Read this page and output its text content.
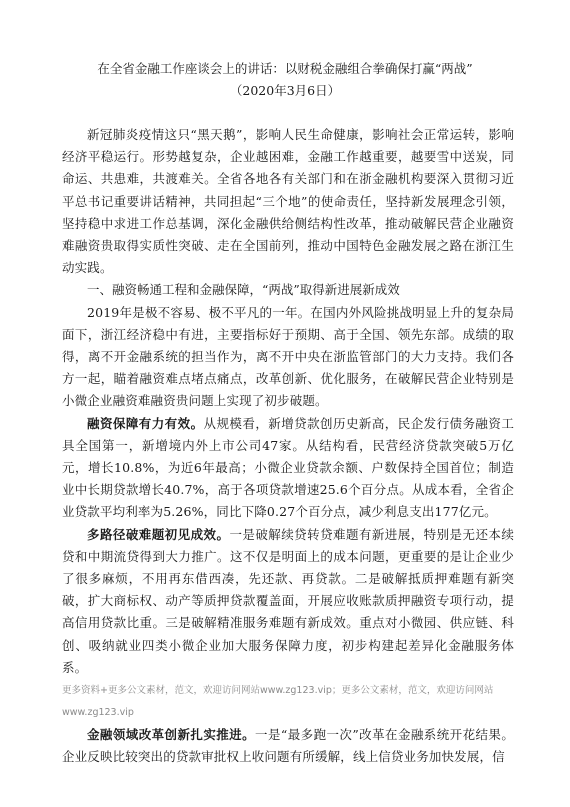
在全省金融工作座谈会上的讲话：以财税金融组合拳确保打赢“两战”
（2020年3月6日）

新冠肺炎疫情这只“黑天鹅”，影响人民生命健康，影响社会正常运转，影响经济平稳运行。形势越复杂，企业越困难，金融工作越重要，越要雪中送炭，同命运、共患难，共渡难关。全省各地各有关部门和在浙金融机构要深入贯彻习近平总书记重要讲话精神，共同担起“三个地”的使命责任，坚持新发展理念引领，坚持稳中求进工作总基调，深化金融供给侧结构性改革，推动破解民营企业融资难融资贵取得实质性突破、走在全国前列，推动中国特色金融发展之路在浙江生动实践。

一、融资畅通工程和金融保障，“两战”取得新进展新成效

2019年是极不容易、极不平凡的一年。在国内外风险挑战明显上升的复杂局面下，浙江经济稳中有进，主要指标好于预期、高于全国、领先东部。成绩的取得，离不开金融系统的担当作为，离不开中央在浙监管部门的大力支持。我们各方一起，瞄着融资难点堵点痛点，改革创新、优化服务，在破解民营企业特别是小微企业融资难融资贵问题上实现了初步破题。

融资保障有力有效。从规模看，新增贷款创历史新高，民企发行债务融资工具全国第一，新增境内外上市公司47家。从结构看，民营经济贷款突破5万亿元，增长10.8%，为近6年最高；小微企业贷款余额、户数保持全国首位；制造业中长期贷款增长40.7%，高于各项贷款增速25.6个百分点。从成本看，全省企业贷款平均利率为5.26%，同比下降0.27个百分点，减少利息支出177亿元。

多路径破难题初见成效。一是破解续贷转贷难题有新进展，特别是无还本续贷和中期流贷得到大力推广。这不仅是明面上的成本问题，更重要的是让企业少了很多麻烦，不用再东借西凑，先还款、再贷款。二是破解抵质押难题有新突破，扩大商标权、动产等质押贷款覆盖面，开展应收账款质押融资专项行动，提高信用贷款比重。三是破解精准服务难题有新成效。重点对小微园、供应链、科创、吸纳就业四类小微企业加大服务保障力度，初步构建起差异化金融服务体系。

更多资料+更多公文素材，范文，欢迎访问网站www.zg123.vip；更多公文素材，范文，欢迎访问网站
www.zg123.vip

金融领域改革创新扎实推进。一是“最多跑一次”改革在金融系统开花结果。企业反映比较突出的贷款审批权上收问题有所缓解，线上信贷业务加快发展，信
